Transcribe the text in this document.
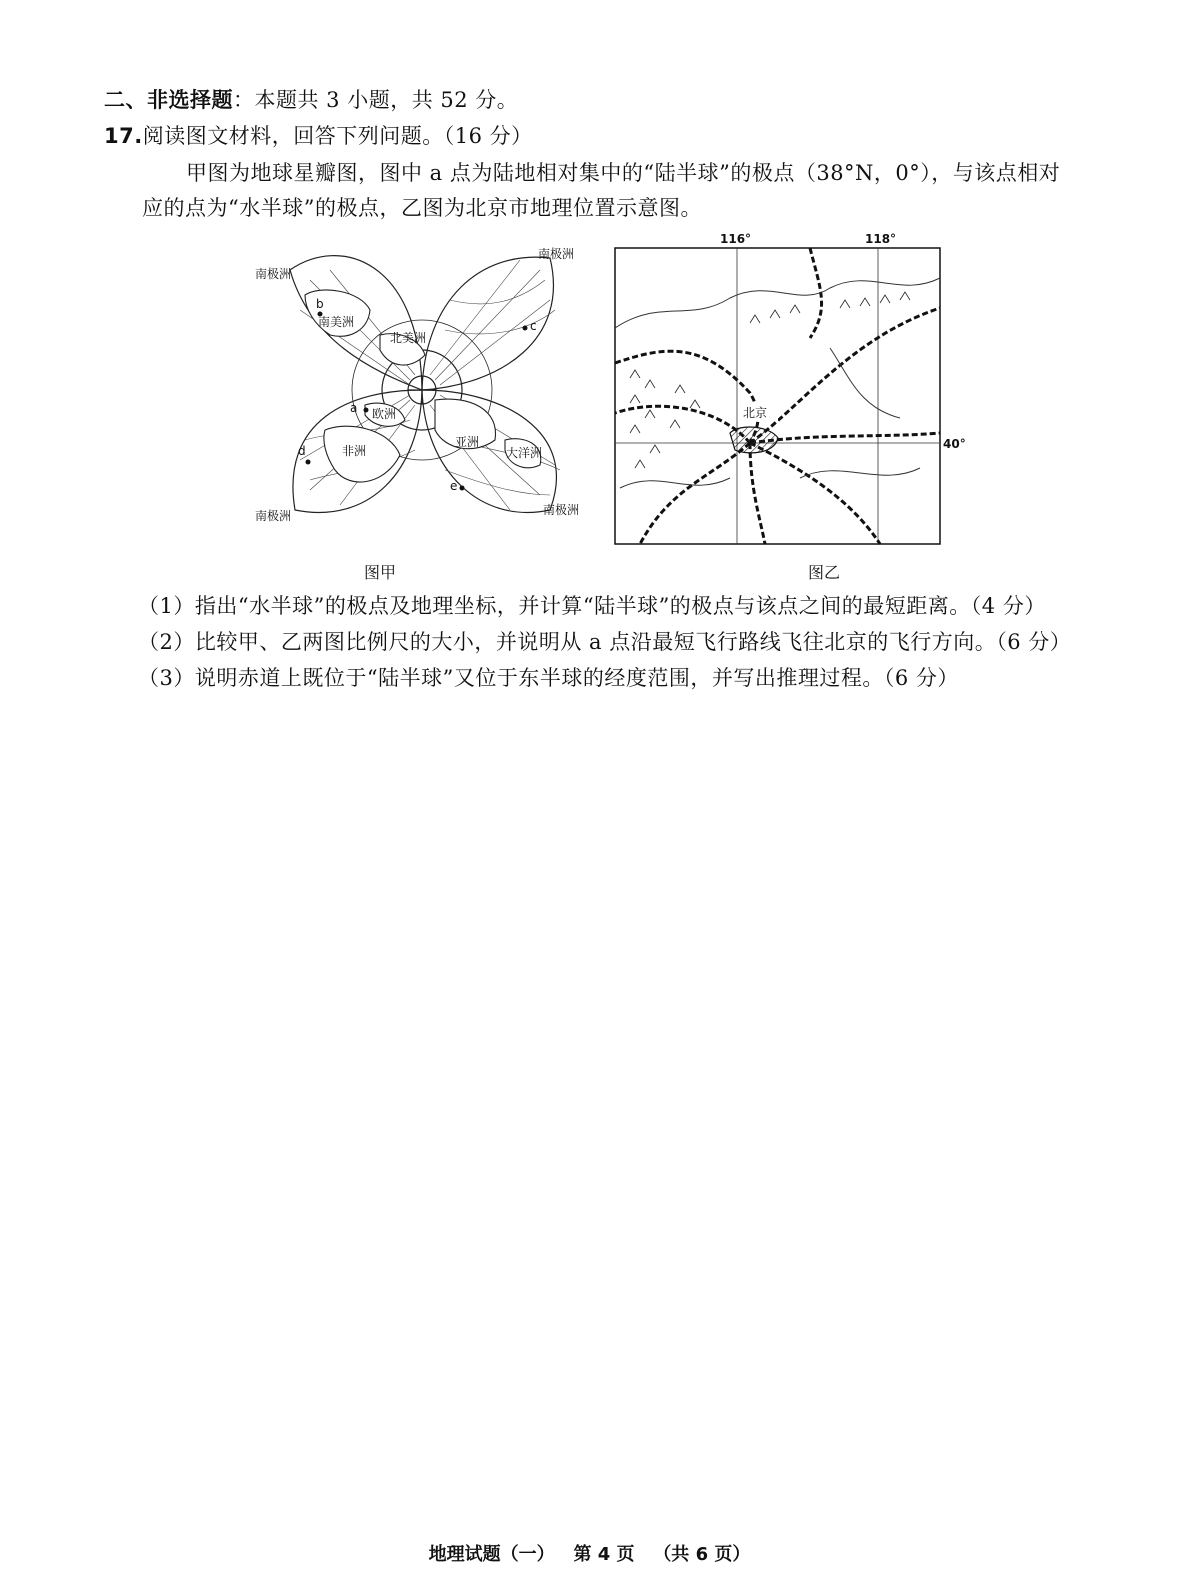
二、非选择题：本题共 3 小题，共 52 分。
17.阅读图文材料，回答下列问题。（16 分）
甲图为地球星瓣图，图中 a 点为陆地相对集中的“陆半球”的极点（38°N，0°），与该点相对
应的点为“水半球”的极点，乙图为北京市地理位置示意图。
南极洲
南极洲
南极洲	南极洲
南美洲
北美洲
欧洲
非洲
亚洲
大洋洲
a
b
c
d
e
图甲
116°	118°
40°
北京
图乙
（1）指出“水半球”的极点及地理坐标，并计算“陆半球”的极点与该点之间的最短距离。（4 分）
（2）比较甲、乙两图比例尺的大小，并说明从 a 点沿最短飞行路线飞往北京的飞行方向。（6 分）
（3）说明赤道上既位于“陆半球”又位于东半球的经度范围，并写出推理过程。（6 分）
地理试题（一） 第 4 页 （共 6 页）
